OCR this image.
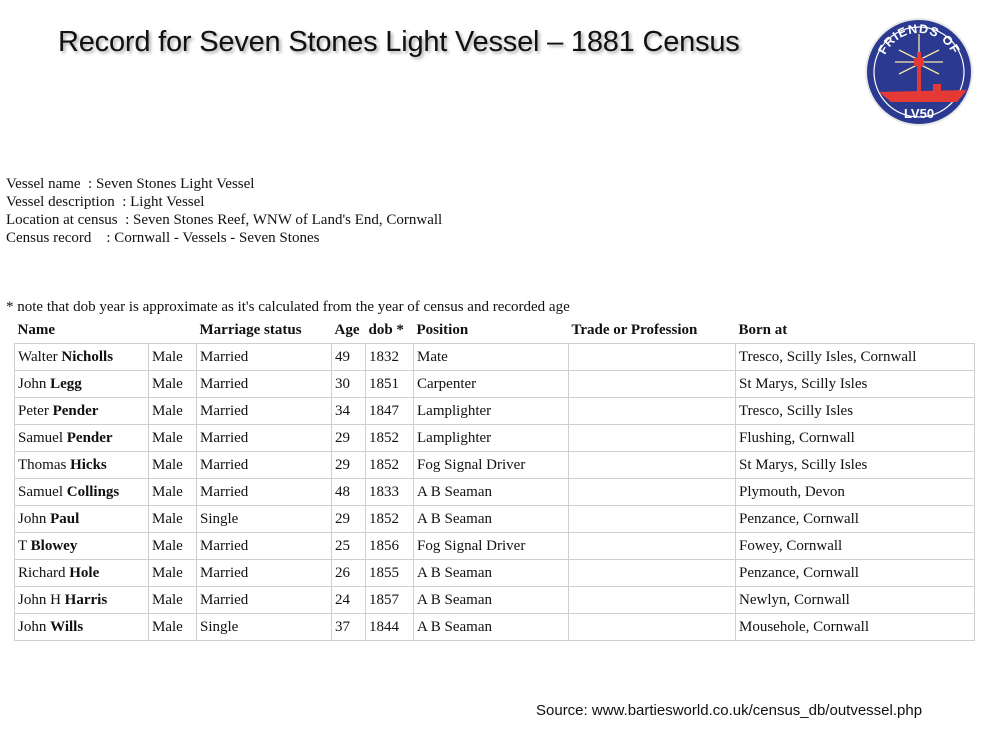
Record for Seven Stones Light Vessel – 1881 Census	FRIENDS OF
LV50
Vessel name  : Seven Stones Light Vessel
Vessel description  : Light Vessel
Location at census  : Seven Stones Reef, WNW of Land's End, Cornwall
Census record    : Cornwall - Vessels - Seven Stones
* note that dob year is approximate as it's calculated from the year of census and recorded age
Name		Marriage status	Age	dob *	Position	Trade or Profession	Born at
Walter Nicholls	Male	Married	49	1832	Mate		Tresco, Scilly Isles, Cornwall
John Legg	Male	Married	30	1851	Carpenter		St Marys, Scilly Isles
Peter Pender	Male	Married	34	1847	Lamplighter		Tresco, Scilly Isles
Samuel Pender	Male	Married	29	1852	Lamplighter		Flushing, Cornwall
Thomas Hicks	Male	Married	29	1852	Fog Signal Driver		St Marys, Scilly Isles
Samuel Collings	Male	Married	48	1833	A B Seaman		Plymouth, Devon
John Paul	Male	Single	29	1852	A B Seaman		Penzance, Cornwall
T Blowey	Male	Married	25	1856	Fog Signal Driver		Fowey, Cornwall
Richard Hole	Male	Married	26	1855	A B Seaman		Penzance, Cornwall
John H Harris	Male	Married	24	1857	A B Seaman		Newlyn, Cornwall
John Wills	Male	Single	37	1844	A B Seaman		Mousehole, Cornwall
Source: www.bartiesworld.co.uk/census_db/outvessel.php
